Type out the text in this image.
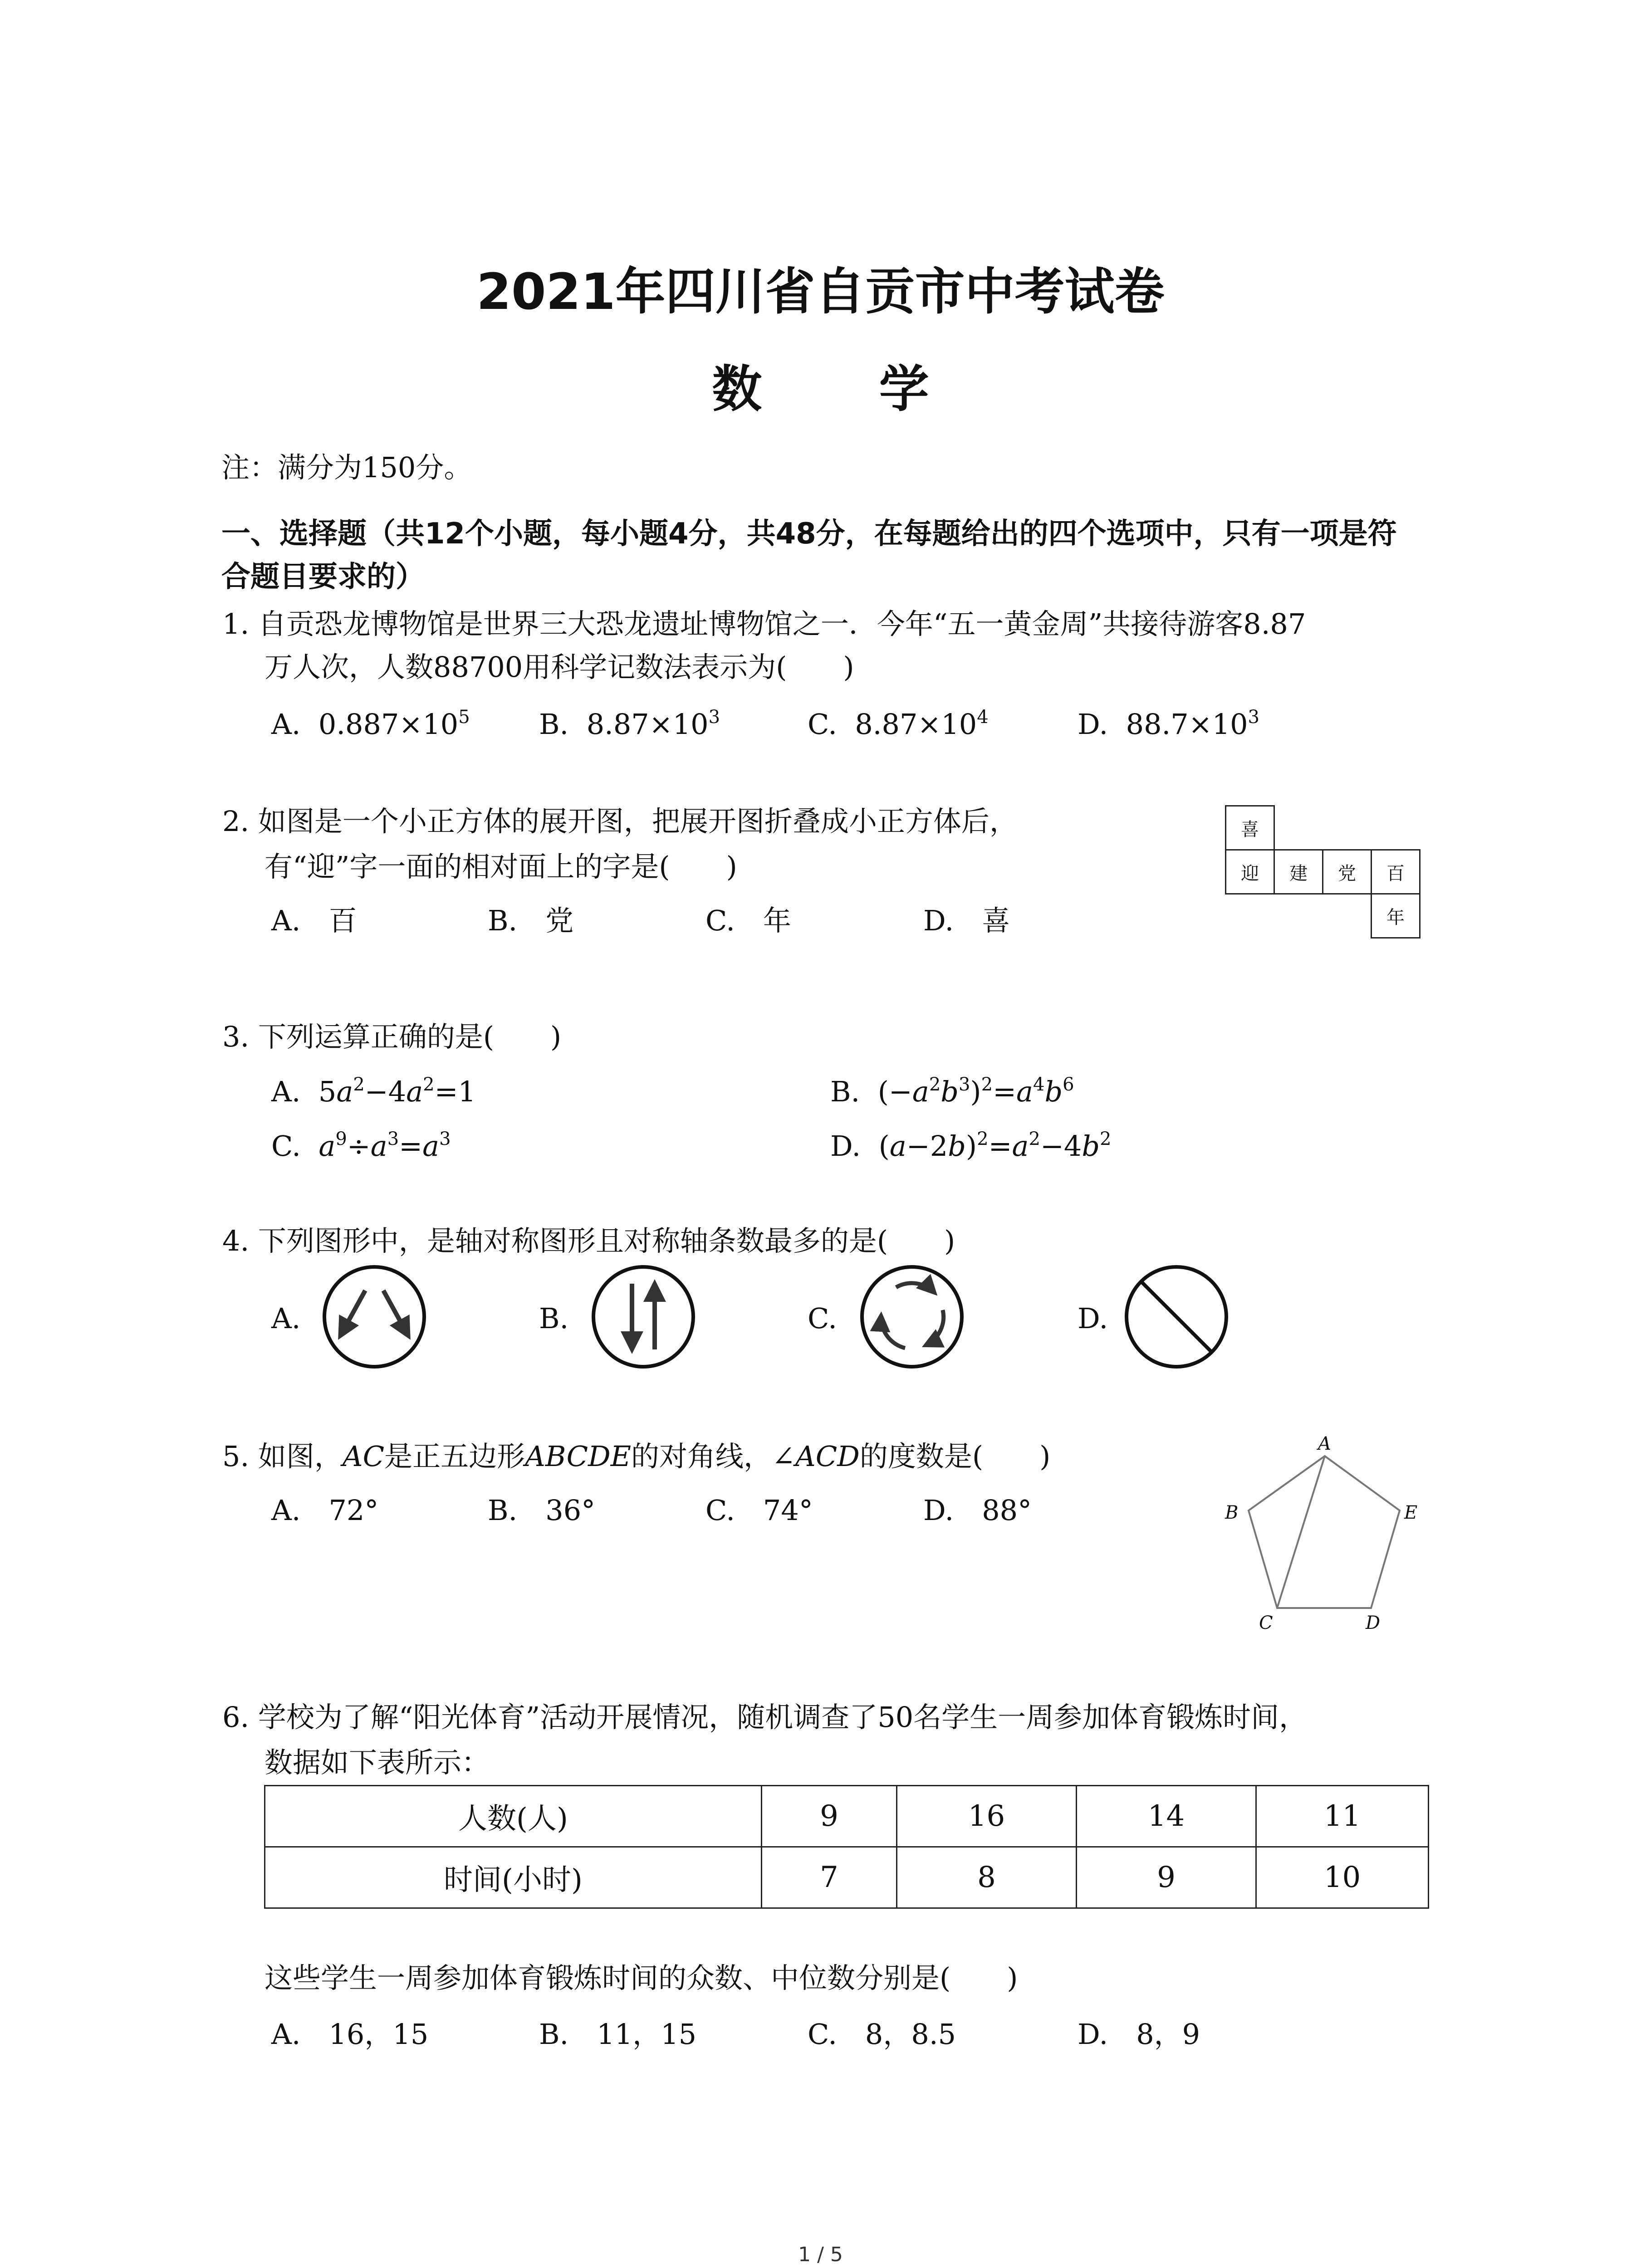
2021年四川省自贡市中考试卷
数 学
注：满分为150分。
一、选择题（共12个小题，每小题4分，共48分，在每题给出的四个选项中，只有一项是符
合题目要求的）
1. 自贡恐龙博物馆是世界三大恐龙遗址博物馆之一．今年“五一黄金周”共接待游客8.87
万人次，人数88700用科学记数法表示为(　　)
A. $0.887\times 10^5$ B. $8.87\times 10^3$	C. $8.87\times 10^4$	D. $88.7\times 10^3$
2. 如图是一个小正方体的展开图，把展开图折叠成小正方体后，
有“迎”字一面的相对面上的字是(　　)
A.　百	B.　党	C.　年	D.　喜
喜
迎	建	党	百
年
3. 下列运算正确的是(　　)
A.  $5a^2-4a^2=1$	B.  $(-a^2b^3)^2=a^4b^6$
C. $a^9\div a^3=a^3$	D.  $(a-2b)^2=a^2-4b^2$
4. 下列图形中，是轴对称图形且对称轴条数最多的是(　　)
A.	B.	C.	D.
5. 如图，AC是正五边形ABCDE的对角线，∠ACD的度数是(　　)
A.　72°	B.　36°	C.　74°	D.　88°
A
B
C	D
E
6. 学校为了解“阳光体育”活动开展情况，随机调查了50名学生一周参加体育锻炼时间，
数据如下表所示：
人数(人)	9	16	14	11
时间(小时)	7	8	9	10
这些学生一周参加体育锻炼时间的众数、中位数分别是(　　)
A.　16，15	B.　11，15	C.　8，8.5	D.　8，9
1 / 5
